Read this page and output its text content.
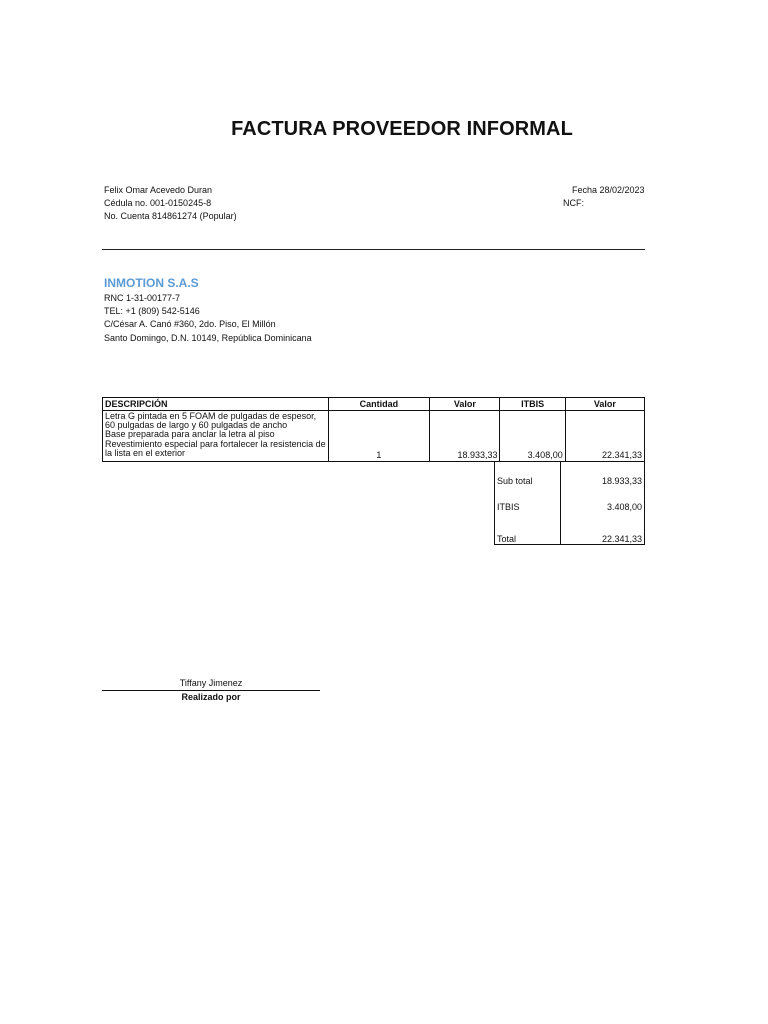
FACTURA PROVEEDOR INFORMAL
Felix Omar Acevedo Duran
Cédula no. 001-0150245-8
No. Cuenta 814861274 (Popular)
Fecha 28/02/2023
NCF:
INMOTION S.A.S
RNC 1-31-00177-7
TEL: +1 (809) 542-5146
C/César A. Canó #360, 2do. Piso, El Millón
Santo Domingo, D.N. 10149, República Dominicana
DESCRIPCIÓN	Cantidad	Valor	ITBIS	Valor

Letra G pintada en 5 FOAM de pulgadas de espesor,
60 pulgadas de largo y 60 pulgadas de ancho
Base preparada para anclar la letra al piso
Revestimiento especial para fortalecer la resistencia de
la lista en el exterior	1	18.933,33	3.408,00	22.341,33
Sub total	18.933,33
ITBIS	3.408,00
Total	22.341,33
Tiffany Jimenez
Realizado por
